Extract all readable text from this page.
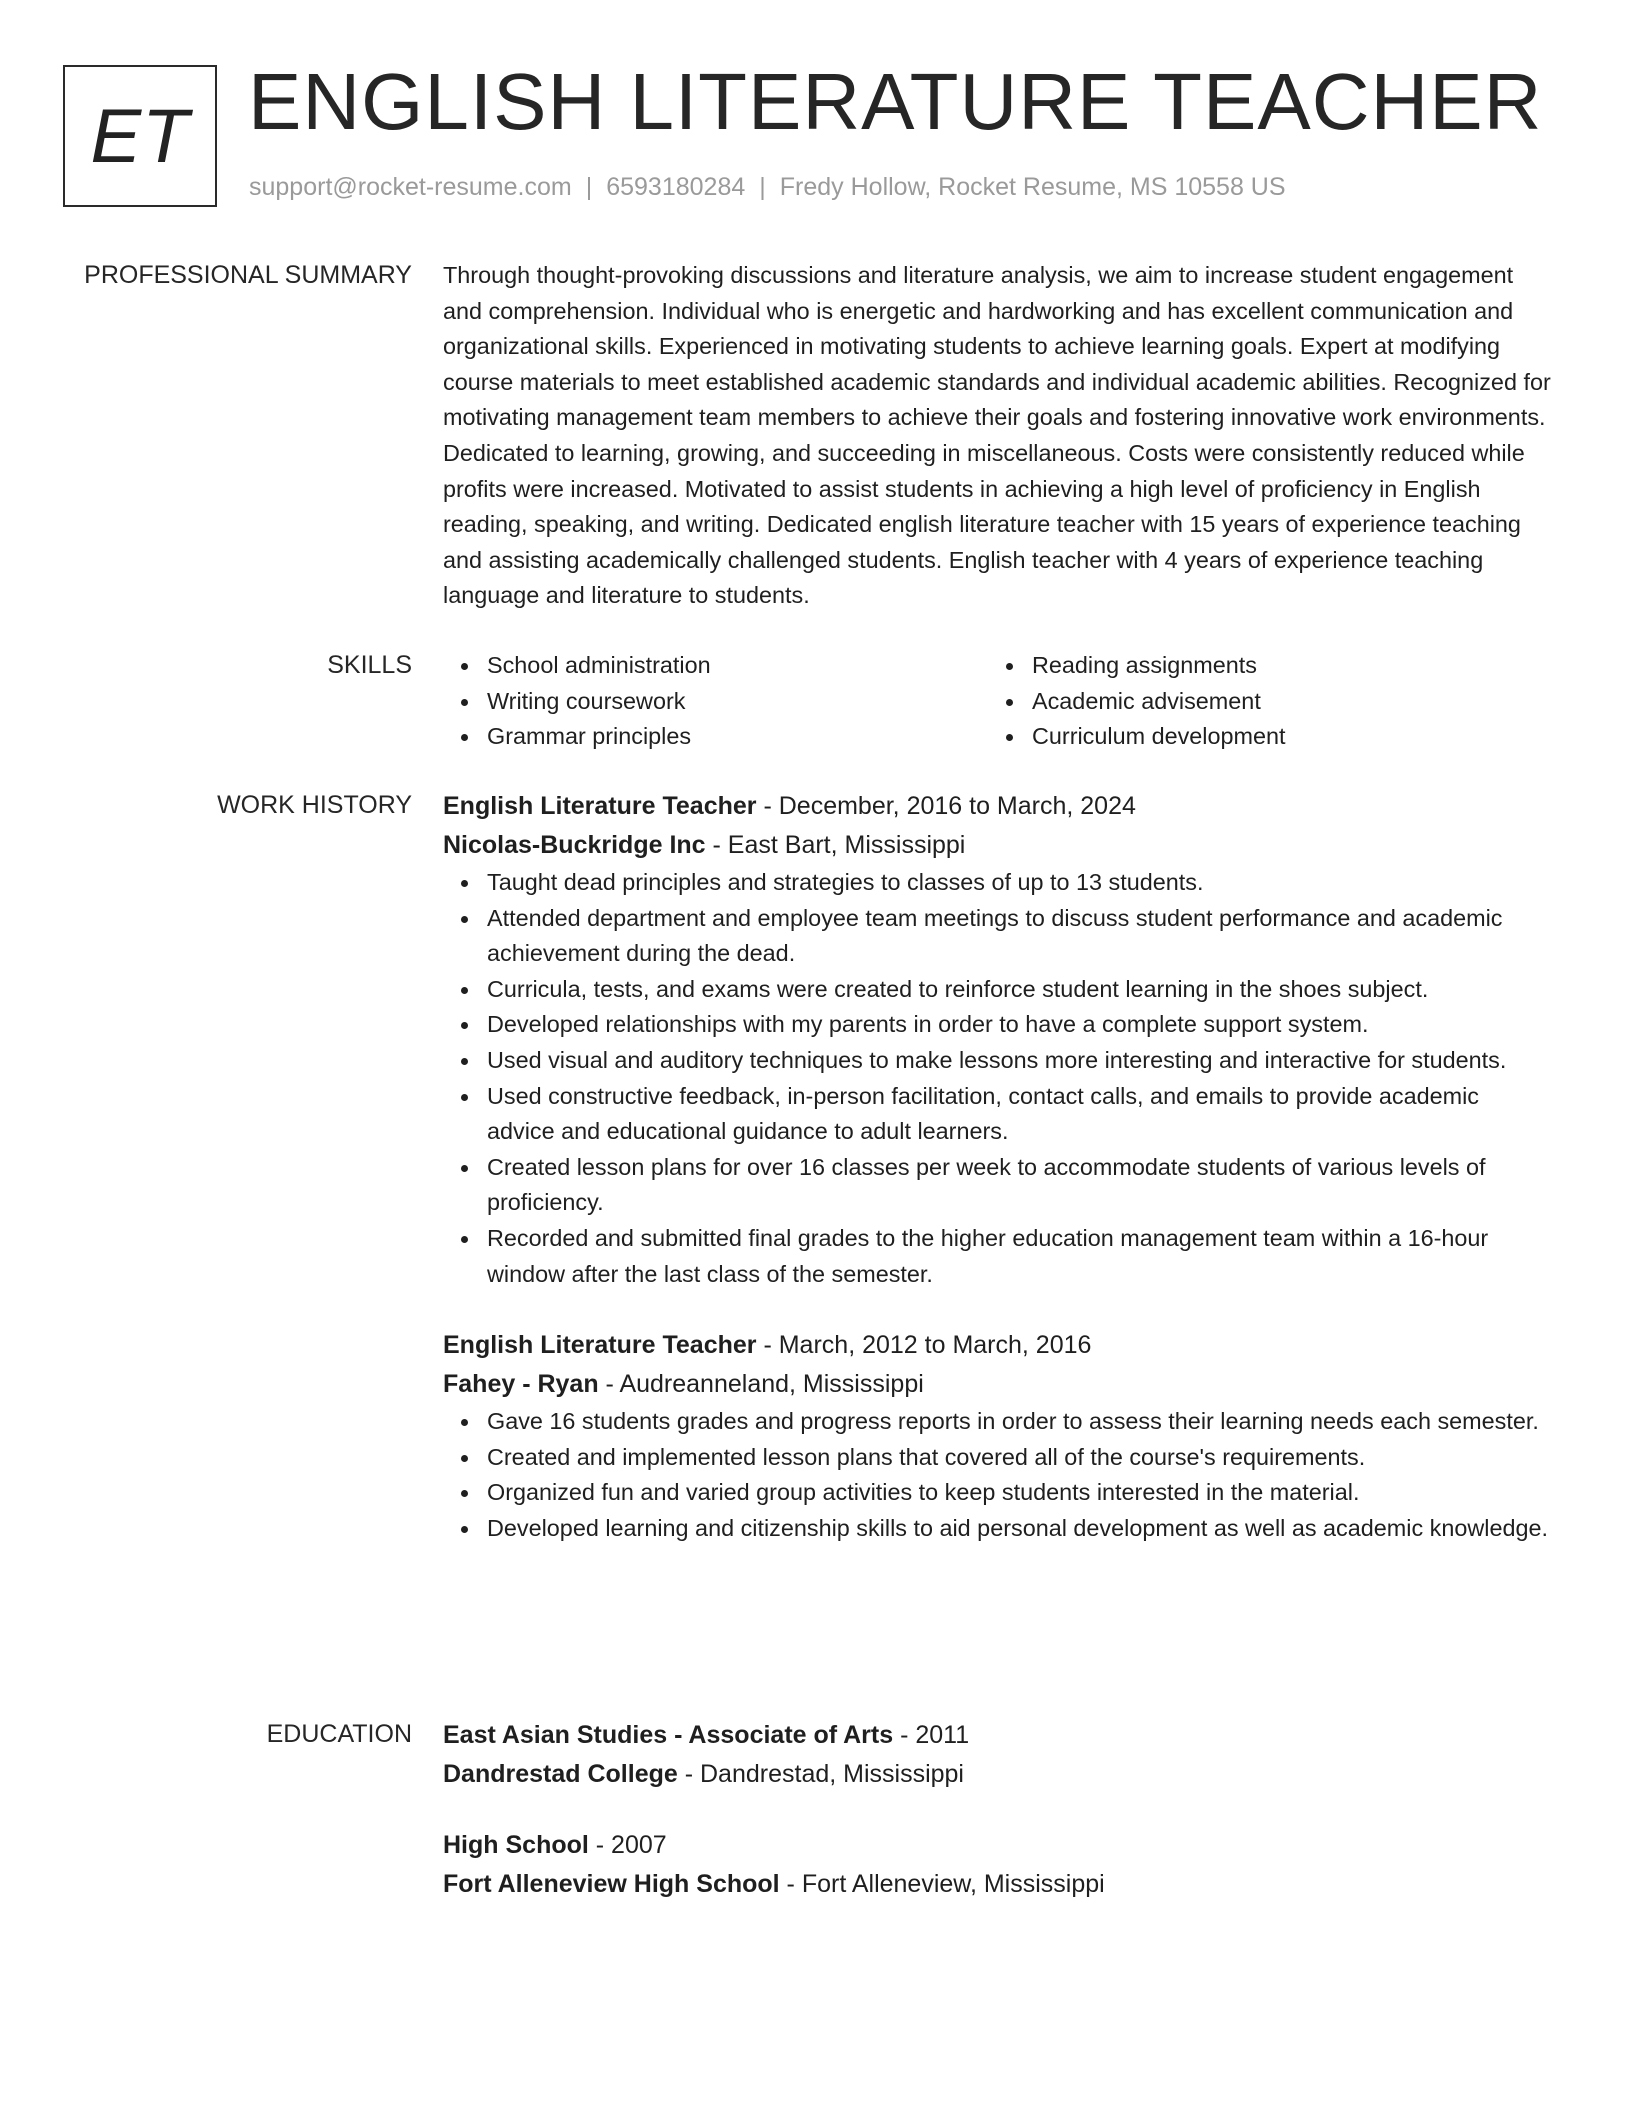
ET ENGLISH LITERATURE TEACHER
support@rocket-resume.com | 6593180284 | Fredy Hollow, Rocket Resume, MS 10558 US
PROFESSIONAL SUMMARY Through thought-provoking discussions and literature analysis, we aim to increase student engagement and comprehension. Individual who is energetic and hardworking and has excellent communication and organizational skills. Experienced in motivating students to achieve learning goals. Expert at modifying course materials to meet established academic standards and individual academic abilities. Recognized for motivating management team members to achieve their goals and fostering innovative work environments. Dedicated to learning, growing, and succeeding in miscellaneous. Costs were consistently reduced while profits were increased. Motivated to assist students in achieving a high level of proficiency in English reading, speaking, and writing. Dedicated english literature teacher with 15 years of experience teaching and assisting academically challenged students. English teacher with 4 years of experience teaching language and literature to students.

SKILLS	School administration
Writing coursework
Grammar principles
Reading assignments
Academic advisement
Curriculum development
WORK HISTORY English Literature Teacher - December, 2016 to March, 2024
Nicolas-Buckridge Inc - East Bart, Mississippi
Taught dead principles and strategies to classes of up to 13 students.
Attended department and employee team meetings to discuss student performance and academic achievement during the dead.
Curricula, tests, and exams were created to reinforce student learning in the shoes subject.
Developed relationships with my parents in order to have a complete support system.
Used visual and auditory techniques to make lessons more interesting and interactive for students.
Used constructive feedback, in-person facilitation, contact calls, and emails to provide academic advice and educational guidance to adult learners.
Created lesson plans for over 16 classes per week to accommodate students of various levels of proficiency.
Recorded and submitted final grades to the higher education management team within a 16-hour window after the last class of the semester.
English Literature Teacher - March, 2012 to March, 2016
Fahey - Ryan - Audreanneland, Mississippi
Gave 16 students grades and progress reports in order to assess their learning needs each semester.
Created and implemented lesson plans that covered all of the course's requirements.
Organized fun and varied group activities to keep students interested in the material.
Developed learning and citizenship skills to aid personal development as well as academic knowledge.
EDUCATION East Asian Studies - Associate of Arts - 2011
Dandrestad College - Dandrestad, Mississippi
High School - 2007
Fort Alleneview High School - Fort Alleneview, Mississippi
